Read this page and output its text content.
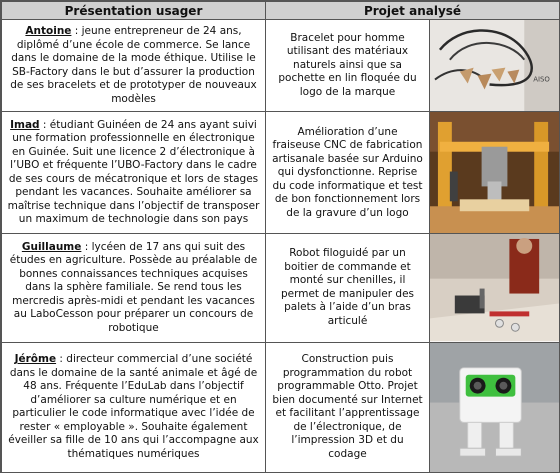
Présentation usager	Projet analysé	
Antoine : jeune entrepreneur de 24 ans, diplômé d’une école de commerce. Se lance dans le domaine de la mode éthique. Utilise le SB-Factory dans le but d’assurer la production de ses bracelets et de prototyper de nouveaux modèles	Bracelet pour homme utilisant des matériaux naturels ainsi que sa pochette en lin floquée du logo de la marque	AISO

Imad : étudiant Guinéen de 24 ans ayant suivi une formation professionnelle en électronique en Guinée. Suit une licence 2 d’électronique à l’UBO et fréquente l’UBO-Factory dans le cadre de ses cours de mécatronique et lors de stages pendant les vacances. Souhaite améliorer sa maîtrise technique dans l’objectif de transposer un maximum de technologie dans son pays	Amélioration d’une fraiseuse CNC de fabrication artisanale basée sur Arduino qui dysfonctionne. Reprise du code informatique et test de bon fonctionnement lors de la gravure d’un logo	

Guillaume : lycéen de 17 ans qui suit des études en agriculture. Possède au préalable de bonnes connaissances techniques acquises dans la sphère familiale. Se rend tous les mercredis après-midi et pendant les vacances au LaboCesson pour préparer un concours de robotique	Robot filoguidé par un boitier de commande et monté sur chenilles, il permet de manipuler des palets à l’aide d’un bras articulé	

Jérôme : directeur commercial d’une société dans le domaine de la santé animale et âgé de 48 ans. Fréquente l’EduLab dans l’objectif d’améliorer sa culture numérique et en particulier le code informatique avec l’idée de rester « employable ». Souhaite également éveiller sa fille de 10 ans qui l’accompagne aux thématiques numériques	Construction puis programmation du robot programmable Otto. Projet bien documenté sur Internet et facilitant l’apprentissage de l’électronique, de l’impression 3D et du codage	
